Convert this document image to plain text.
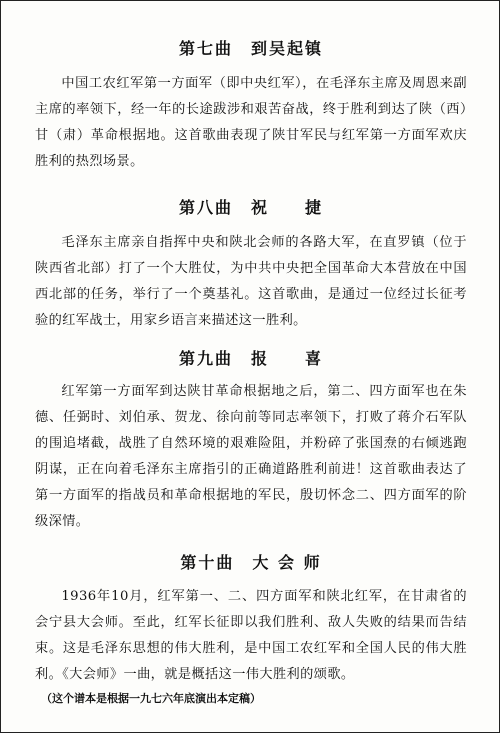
第七曲 到吴起镇

中国工农红军第一方面军（即中央红军），在毛泽东主席及周恩来副主席的率领下，经一年的长途跋涉和艰苦奋战，终于胜利到达了陕（西）甘（肃）革命根据地。这首歌曲表现了陕甘军民与红军第一方面军欢庆胜利的热烈场景。

第八曲 祝　　捷

毛泽东主席亲自指挥中央和陕北会师的各路大军，在直罗镇（位于陕西省北部）打了一个大胜仗，为中共中央把全国革命大本营放在中国西北部的任务，举行了一个奠基礼。这首歌曲，是通过一位经过长征考验的红军战士，用家乡语言来描述这一胜利。

第九曲 报　　喜

红军第一方面军到达陕甘革命根据地之后，第二、四方面军也在朱德、任弼时、刘伯承、贺龙、徐向前等同志率领下，打败了蒋介石军队的围追堵截，战胜了自然环境的艰难险阻，并粉碎了张国焘的右倾逃跑阴谋，正在向着毛泽东主席指引的正确道路胜利前进！这首歌曲表达了第一方面军的指战员和革命根据地的军民，殷切怀念二、四方面军的阶级深情。

第十曲 大 会 师

1936年10月，红军第一、二、四方面军和陕北红军，在甘肃省的会宁县大会师。至此，红军长征即以我们胜利、敌人失败的结果而告结束。这是毛泽东思想的伟大胜利，是中国工农红军和全国人民的伟大胜利。《大会师》一曲，就是概括这一伟大胜利的颂歌。

（这个谱本是根据一九七六年底演出本定稿）
